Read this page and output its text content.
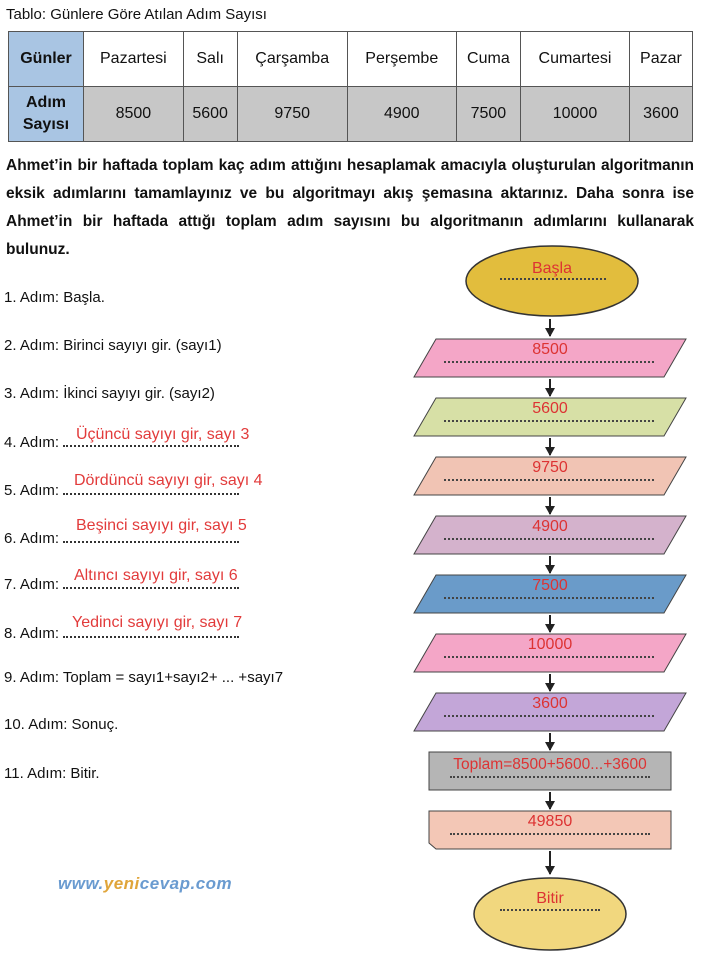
Tablo: Günlere Göre Atılan Adım Sayısı
Günler	Pazartesi	Salı	Çarşamba	Perşembe	Cuma	Cumartesi	Pazar
Adım Sayısı	8500	5600	9750	4900	7500	10000	3600
Ahmet’in bir haftada toplam kaç adım attığını hesaplamak amacıyla oluşturulan algoritmanın eksik adımlarını tamamlayınız ve bu algoritmayı akış şemasına aktarınız. Daha sonra ise Ahmet’in bir haftada attığı toplam adım sayısını bu algoritmanın adımlarını kullanarak bulunuz.
1. Adım: Başla.
2. Adım: Birinci sayıyı gir. (sayı1)
3. Adım: İkinci sayıyı gir. (sayı2)
4. Adım:	Üçüncü sayıyı gir, sayı 3
5. Adım:
Dördüncü sayıyı gir, sayı 4
6. Adım:
Beşinci sayıyı gir, sayı 5
7. Adım:
Altıncı sayıyı gir, sayı 6
8. Adım:
Yedinci sayıyı gir, sayı 7
9. Adım: Toplam = sayı1+sayı2+ ... +sayı7
10. Adım: Sonuç.
11. Adım: Bitir.
Başla
8500
5600
9750
4900
7500
10000
3600
Toplam=8500+5600...+3600
49850
Bitir
www.yenicevap.com
